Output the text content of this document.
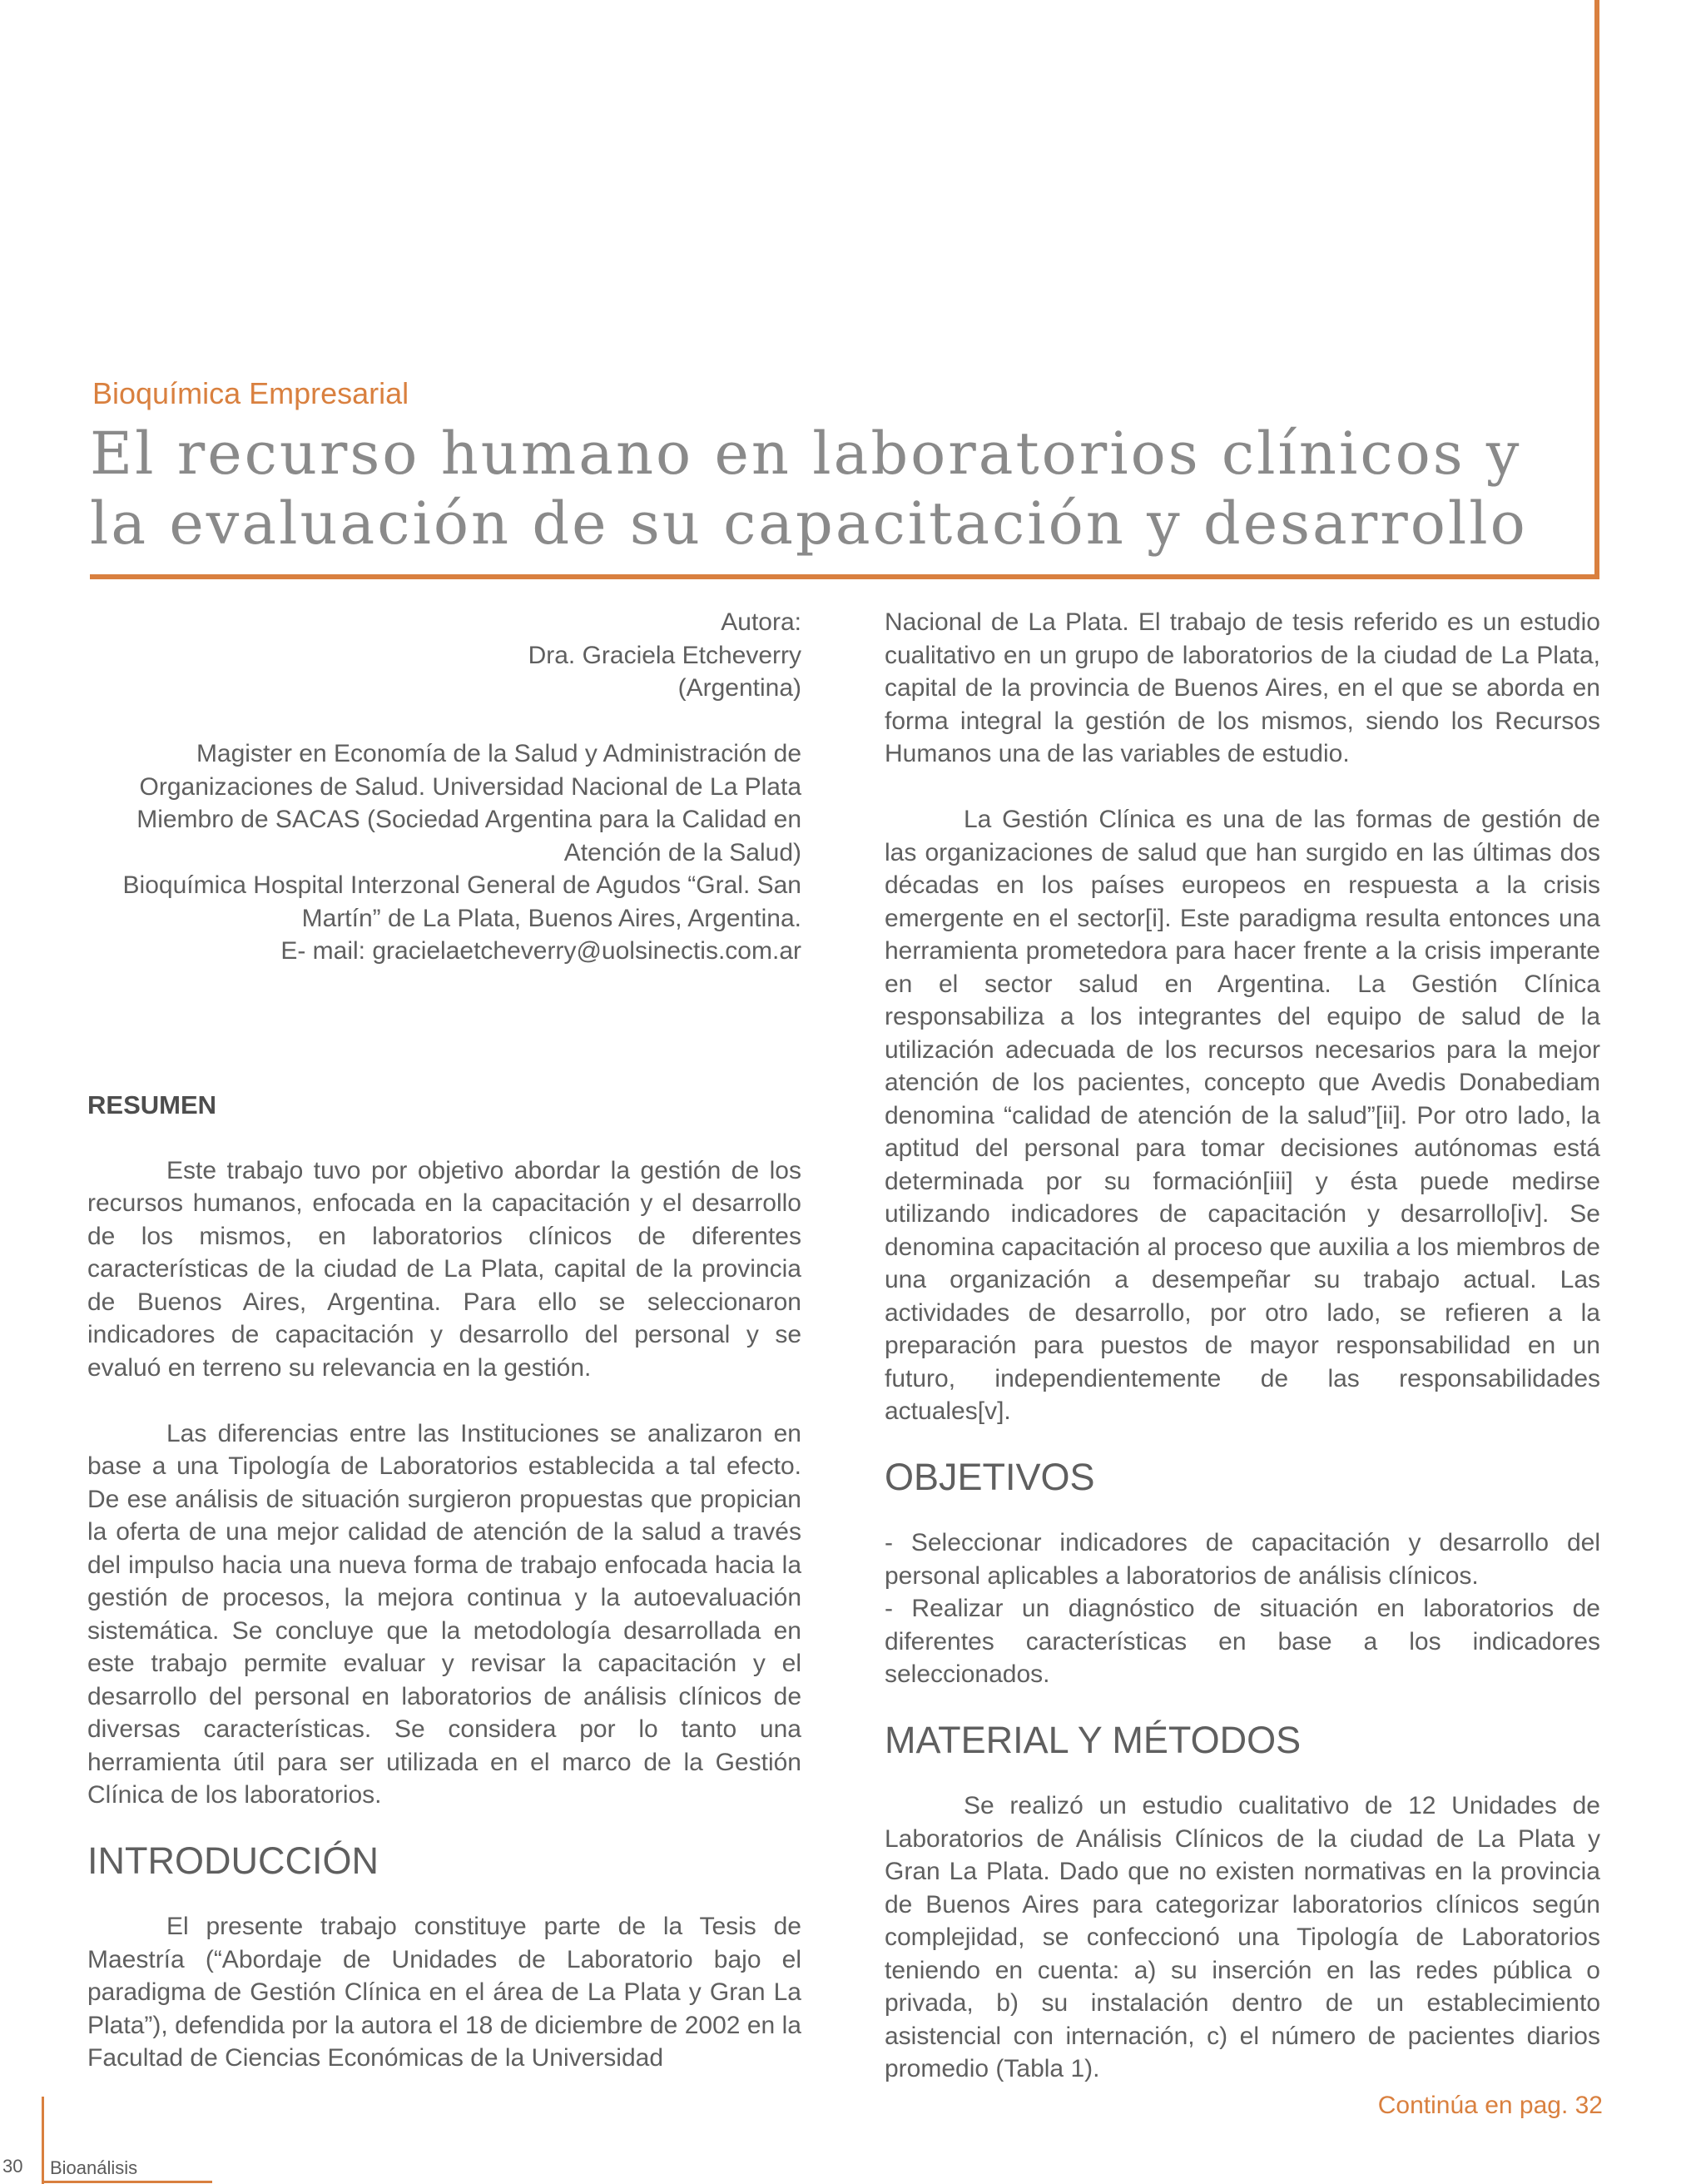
Bioquímica Empresarial
El recurso humano en laboratorios clínicos y
la evaluación de su capacitación y desarrollo

Autora:

Dra. Graciela Etcheverry

(Argentina)

Magister en Economía de la Salud y Administración de Organizaciones de Salud. Universidad Nacional de La Plata

Miembro de SACAS (Sociedad Argentina para la Calidad en Atención de la Salud)

Bioquímica Hospital Interzonal General de Agudos “Gral. San Martín” de La Plata, Buenos Aires, Argentina.

E- mail: gracielaetcheverry@uolsinectis.com.ar

RESUMEN

Este trabajo tuvo por objetivo abordar la gestión de los recursos humanos, enfocada en la capacitación y el desarrollo de los mismos, en laboratorios clínicos de diferentes características de la ciudad de La Plata, capital de la provincia de Buenos Aires, Argentina. Para ello se seleccionaron indicadores de capacitación y desarrollo del personal y se evaluó en terreno su relevancia en la gestión.

Las diferencias entre las Instituciones se analizaron en base a una Tipología de Laboratorios establecida a tal efecto. De ese análisis de situación surgieron propuestas que propician la oferta de una mejor calidad de atención de la salud a través del impulso hacia una nueva forma de trabajo enfocada hacia la gestión de procesos, la mejora continua y la autoevaluación sistemática. Se concluye que la metodología desarrollada en este trabajo permite evaluar y revisar la capacitación y el desarrollo del personal en laboratorios de análisis clínicos de diversas características. Se considera por lo tanto una herramienta útil para ser utilizada en el marco de la Gestión Clínica de los laboratorios.

INTRODUCCIÓN

El presente trabajo constituye parte de la Tesis de Maestría (“Abordaje de Unidades de Laboratorio bajo el paradigma de Gestión Clínica en el área de La Plata y Gran La Plata”), defendida por la autora el 18 de diciembre de 2002 en la Facultad de Ciencias Económicas de la Universidad

Nacional de La Plata. El trabajo de tesis referido es un estudio cualitativo en un grupo de laboratorios de la ciudad de La Plata, capital de la provincia de Buenos Aires, en el que se aborda en forma integral la gestión de los mismos, siendo los Recursos Humanos una de las variables de estudio.

La Gestión Clínica es una de las formas de gestión de las organizaciones de salud que han surgido en las últimas dos décadas en los países europeos en respuesta a la crisis emergente en el sector[i]. Este paradigma resulta entonces una herramienta prometedora para hacer frente a la crisis imperante en el sector salud en Argentina. La Gestión Clínica responsabiliza a los integrantes del equipo de salud de la utilización adecuada de los recursos necesarios para la mejor atención de los pacientes, concepto que Avedis Donabediam denomina “calidad de atención de la salud”[ii]. Por otro lado, la aptitud del personal para tomar decisiones autónomas está determinada por su formación[iii] y ésta puede medirse utilizando indicadores de capacitación y desarrollo[iv]. Se denomina capacitación al proceso que auxilia a los miembros de una organización a desempeñar su trabajo actual. Las actividades de desarrollo, por otro lado, se refieren a la preparación para puestos de mayor responsabilidad en un futuro, independientemente de las responsabilidades actuales[v].

OBJETIVOS

- Seleccionar indicadores de capacitación y desarrollo del personal aplicables a laboratorios de análisis clínicos.

- Realizar un diagnóstico de situación en laboratorios de diferentes características en base a los indicadores seleccionados.

MATERIAL Y MÉTODOS

Se realizó un estudio cualitativo de 12 Unidades de Laboratorios de Análisis Clínicos de la ciudad de La Plata y Gran La Plata. Dado que no existen normativas en la provincia de Buenos Aires para categorizar laboratorios clínicos según complejidad, se confeccionó una Tipología de Laboratorios teniendo en cuenta: a) su inserción en las redes pública o privada, b) su instalación dentro de un establecimiento asistencial con internación, c) el número de pacientes diarios promedio (Tabla 1).

Continúa en pag. 32
30 Bioanálisis
